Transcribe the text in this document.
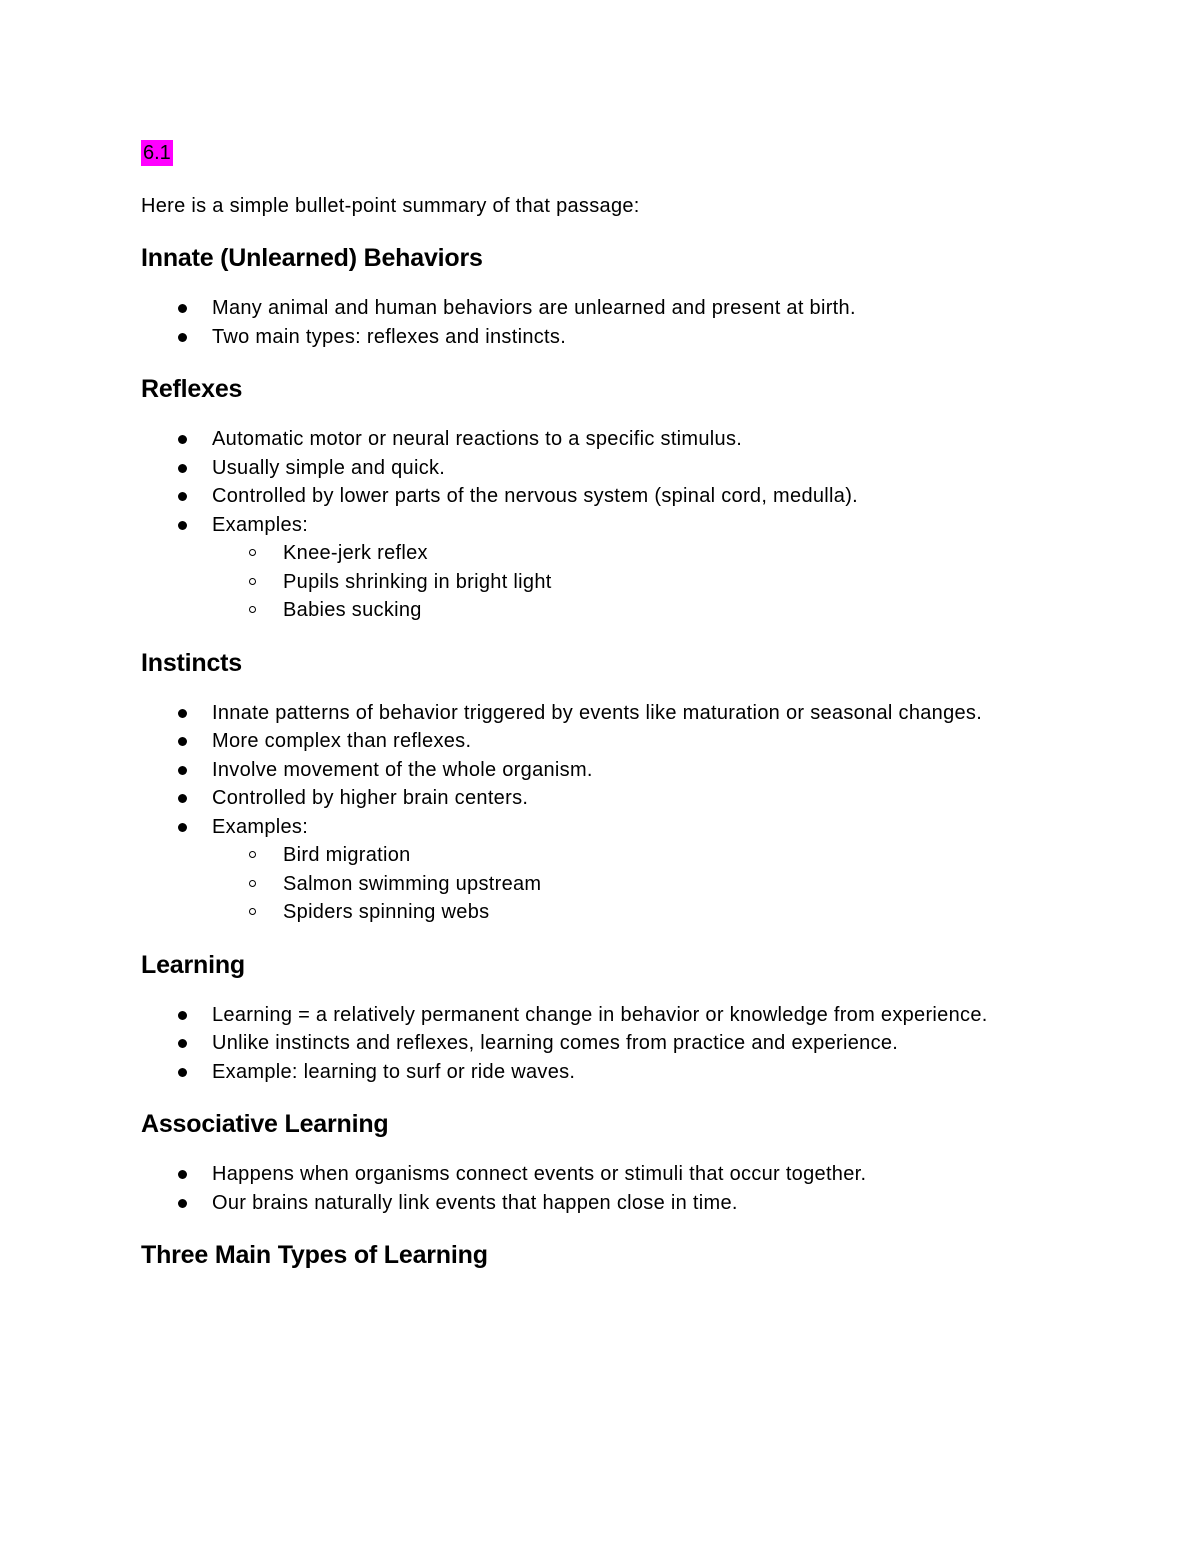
6.1

Here is a simple bullet-point summary of that passage:

Innate (Unlearned) Behaviors
Many animal and human behaviors are unlearned and present at birth.
Two main types: reflexes and instincts.
Reflexes
Automatic motor or neural reactions to a specific stimulus.
Usually simple and quick.
Controlled by lower parts of the nervous system (spinal cord, medulla).
Examples:
Knee-jerk reflex
Pupils shrinking in bright light
Babies sucking
Instincts
Innate patterns of behavior triggered by events like maturation or seasonal changes.
More complex than reflexes.
Involve movement of the whole organism.
Controlled by higher brain centers.
Examples:
Bird migration
Salmon swimming upstream
Spiders spinning webs
Learning
Learning = a relatively permanent change in behavior or knowledge from experience.
Unlike instincts and reflexes, learning comes from practice and experience.
Example: learning to surf or ride waves.
Associative Learning
Happens when organisms connect events or stimuli that occur together.
Our brains naturally link events that happen close in time.
Three Main Types of Learning
